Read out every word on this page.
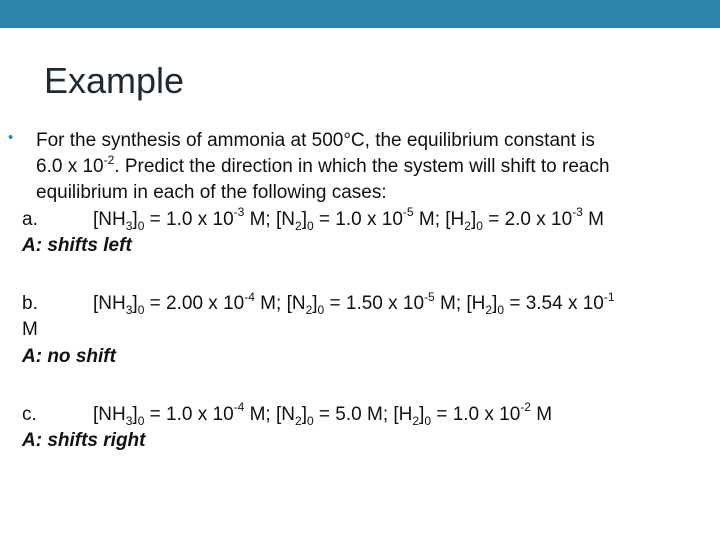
Example
• For the synthesis of ammonia at 500°C, the equilibrium constant is
6.0 x $10^{-2}$. Predict the direction in which the system will shift to reach
equilibrium in each of the following cases:
a.	$[NH_3]_0 = 1.0$ x $10^{-3}$ M; $[N_2]_0 = 1.0$ x $10^{-5}$ M; $[H_2]_0 = 2.0$ x $10^{-3}$ M
A: shifts left
b.	$[NH_3]_0 = 2.00$ x $10^{-4}$ M; $[N_2]_0 = 1.50$ x $10^{-5}$ M; $[H_2]_0 = 3.54$ x $10^{-1}$
M
A: no shift
c.	$[NH_3]_0 = 1.0$ x $10^{-4}$ M; $[N_2]_0 = 5.0$ M; $[H_2]_0 = 1.0$ x $10^{-2}$ M
A: shifts right
